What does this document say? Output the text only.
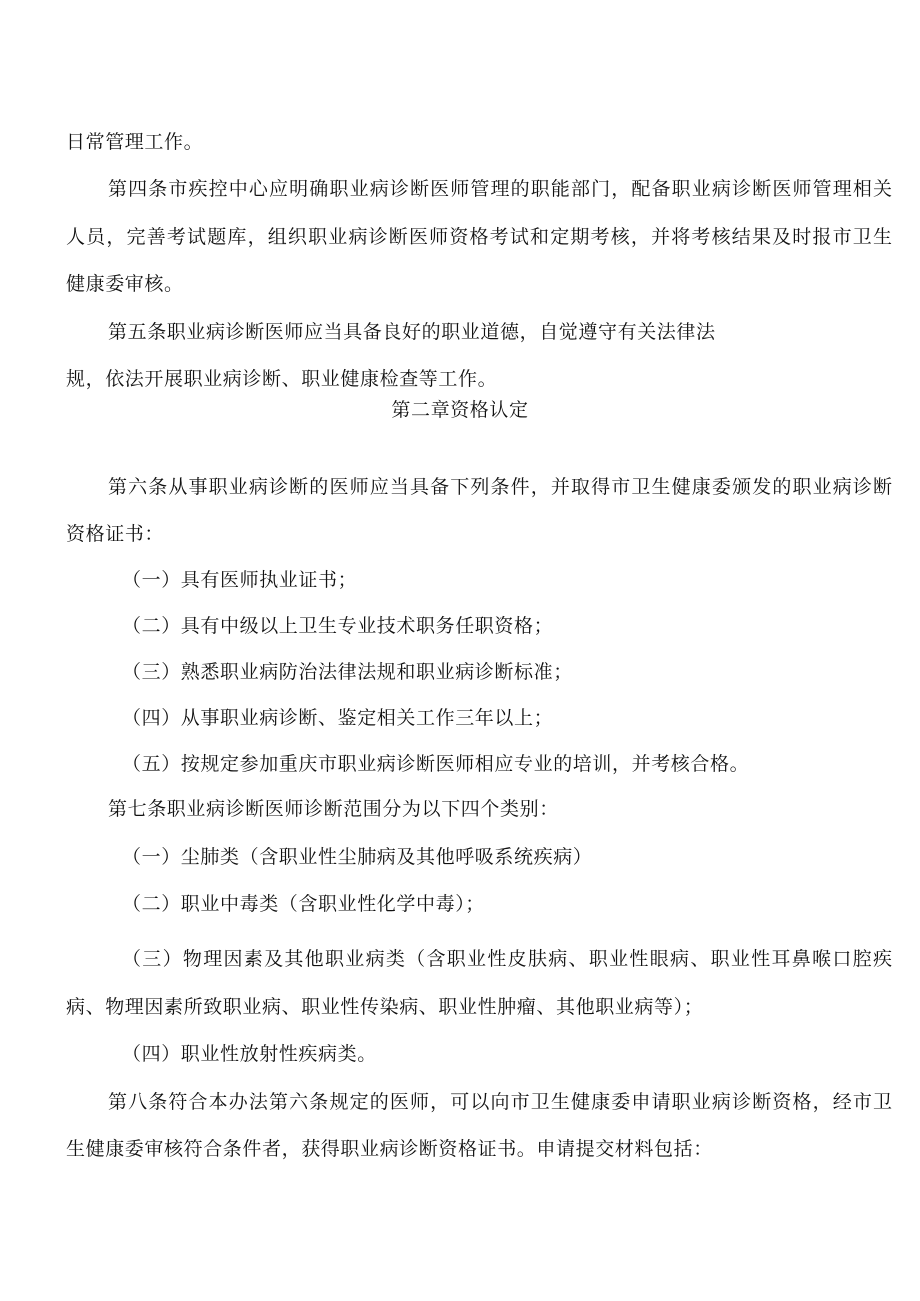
日常管理工作。
第四条市疾控中心应明确职业病诊断医师管理的职能部门，配备职业病诊断医师管理相关
人员，完善考试题库，组织职业病诊断医师资格考试和定期考核，并将考核结果及时报市卫生
健康委审核。
第五条职业病诊断医师应当具备良好的职业道德，自觉遵守有关法律法
规，依法开展职业病诊断、职业健康检查等工作。
第二章资格认定
第六条从事职业病诊断的医师应当具备下列条件，并取得市卫生健康委颁发的职业病诊断
资格证书：
（一）具有医师执业证书；
（二）具有中级以上卫生专业技术职务任职资格；
（三）熟悉职业病防治法律法规和职业病诊断标准；
（四）从事职业病诊断、鉴定相关工作三年以上；
（五）按规定参加重庆市职业病诊断医师相应专业的培训，并考核合格。
第七条职业病诊断医师诊断范围分为以下四个类别：
（一）尘肺类（含职业性尘肺病及其他呼吸系统疾病）
（二）职业中毒类（含职业性化学中毒）；
（三）物理因素及其他职业病类（含职业性皮肤病、职业性眼病、职业性耳鼻喉口腔疾
病、物理因素所致职业病、职业性传染病、职业性肿瘤、其他职业病等）；
（四）职业性放射性疾病类。
第八条符合本办法第六条规定的医师，可以向市卫生健康委申请职业病诊断资格，经市卫
生健康委审核符合条件者，获得职业病诊断资格证书。申请提交材料包括：
